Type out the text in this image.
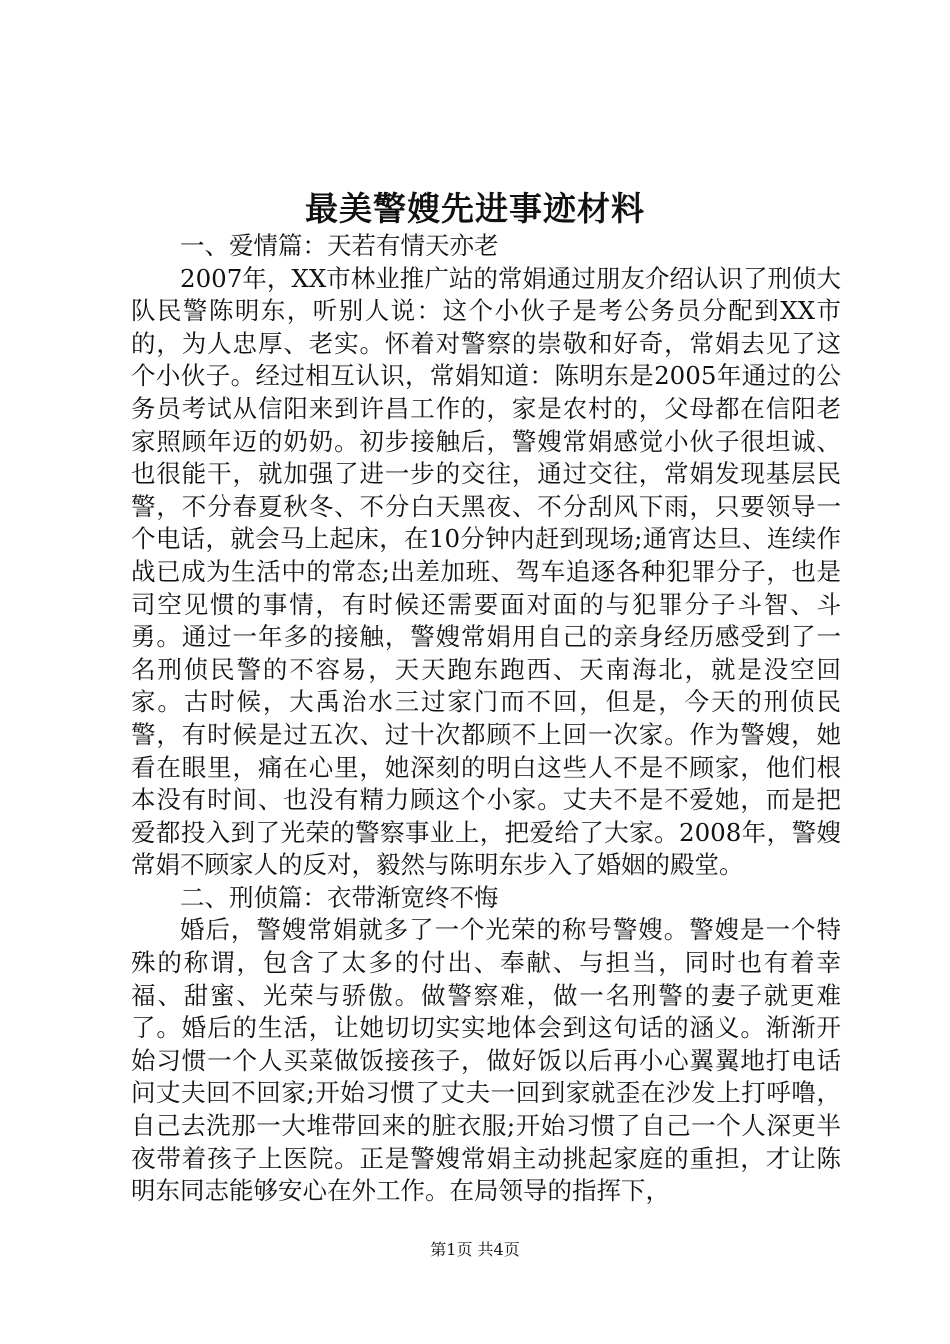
最美警嫂先进事迹材料

一、爱情篇：天若有情天亦老

2007年，XX市林业推广站的常娟通过朋友介绍认识了刑侦大队民警陈明东，听别人说：这个小伙子是考公务员分配到XX市的，为人忠厚、老实。怀着对警察的崇敬和好奇，常娟去见了这个小伙子。经过相互认识，常娟知道：陈明东是2005年通过的公务员考试从信阳来到许昌工作的，家是农村的，父母都在信阳老家照顾年迈的奶奶。初步接触后，警嫂常娟感觉小伙子很坦诚、也很能干，就加强了进一步的交往，通过交往，常娟发现基层民警，不分春夏秋冬、不分白天黑夜、不分刮风下雨，只要领导一个电话，就会马上起床，在10分钟内赶到现场;通宵达旦、连续作战已成为生活中的常态;出差加班、驾车追逐各种犯罪分子，也是司空见惯的事情，有时候还需要面对面的与犯罪分子斗智、斗勇。通过一年多的接触，警嫂常娟用自己的亲身经历感受到了一名刑侦民警的不容易，天天跑东跑西、天南海北，就是没空回家。古时候，大禹治水三过家门而不回，但是，今天的刑侦民警，有时候是过五次、过十次都顾不上回一次家。作为警嫂，她看在眼里，痛在心里，她深刻的明白这些人不是不顾家，他们根本没有时间、也没有精力顾这个小家。丈夫不是不爱她，而是把爱都投入到了光荣的警察事业上，把爱给了大家。2008年，警嫂常娟不顾家人的反对，毅然与陈明东步入了婚姻的殿堂。

二、刑侦篇：衣带渐宽终不悔

婚后，警嫂常娟就多了一个光荣的称号警嫂。警嫂是一个特殊的称谓，包含了太多的付出、奉献、与担当，同时也有着幸福、甜蜜、光荣与骄傲。做警察难，做一名刑警的妻子就更难了。婚后的生活，让她切切实实地体会到这句话的涵义。渐渐开始习惯一个人买菜做饭接孩子，做好饭以后再小心翼翼地打电话问丈夫回不回家;开始习惯了丈夫一回到家就歪在沙发上打呼噜，自己去洗那一大堆带回来的脏衣服;开始习惯了自己一个人深更半夜带着孩子上医院。正是警嫂常娟主动挑起家庭的重担，才让陈明东同志能够安心在外工作。在局领导的指挥下，

第1页 共4页
